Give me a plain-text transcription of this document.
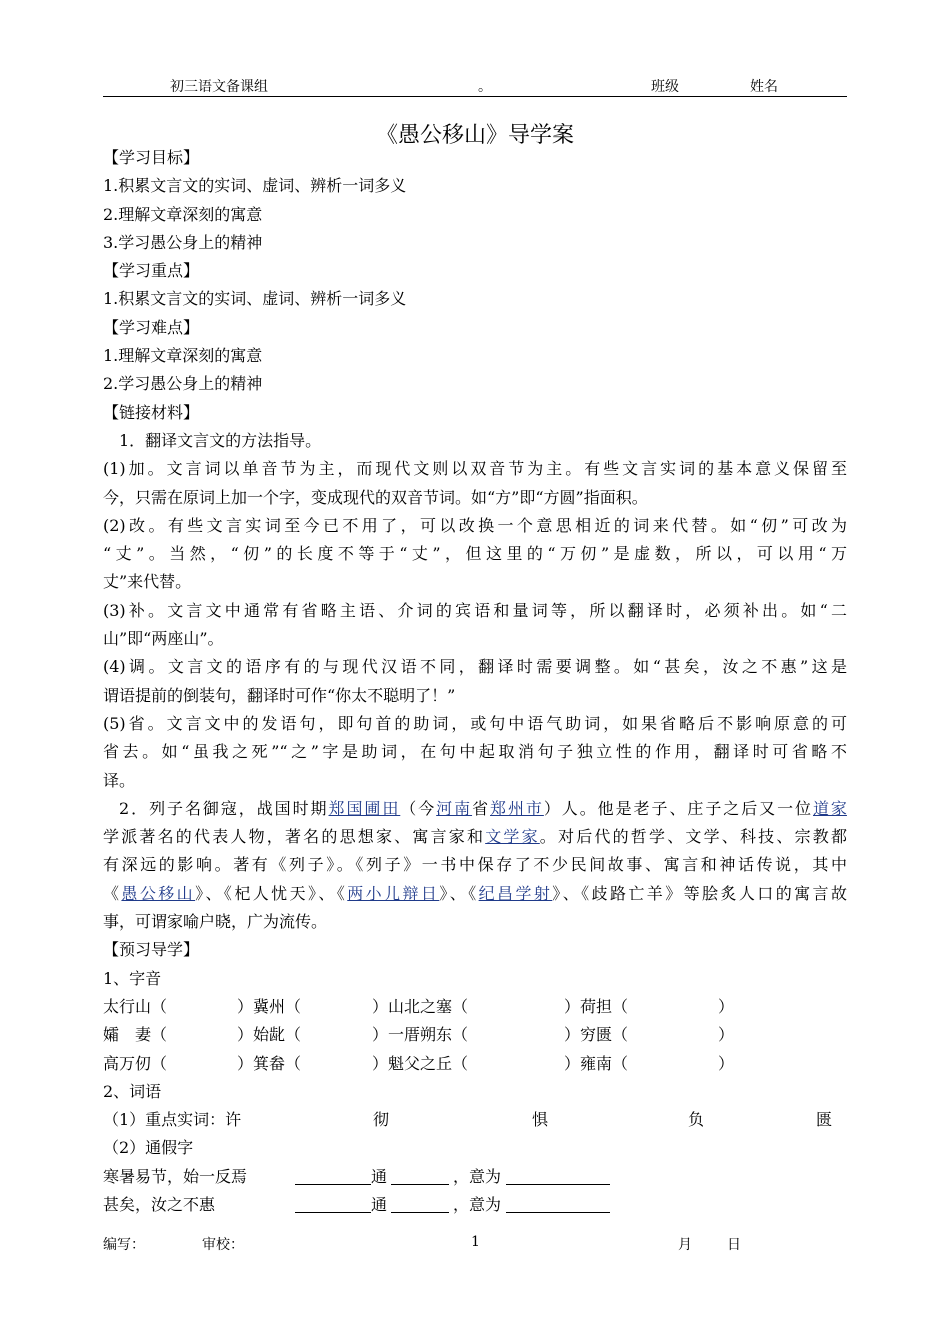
初三语文备课组	。	班级	姓名
《愚公移山》导学案
【学习目标】
1.积累文言文的实词、虚词、辨析一词多义
2.理解文章深刻的寓意
3.学习愚公身上的精神
【学习重点】
1.积累文言文的实词、虚词、辨析一词多义
【学习难点】
1.理解文章深刻的寓意
2.学习愚公身上的精神
【链接材料】
1．翻译文言文的方法指导。
(1)加。文言词以单音节为主，而现代文则以双音节为主。有些文言实词的基本意义保留至
今，只需在原词上加一个字，变成现代的双音节词。如“方”即“方圆”指面积。
(2)改。有些文言实词至今已不用了，可以改换一个意思相近的词来代替。如“仞”可改为
“丈”。当然，“仞”的长度不等于“丈”，但这里的“万仞”是虚数，所以，可以用“万
丈”来代替。
(3)补。文言文中通常有省略主语、介词的宾语和量词等，所以翻译时，必须补出。如“二
山”即“两座山”。
(4)调。文言文的语序有的与现代汉语不同，翻译时需要调整。如“甚矣，汝之不惠”这是
谓语提前的倒装句，翻译时可作“你太不聪明了！”
(5)省。文言文中的发语句，即句首的助词，或句中语气助词，如果省略后不影响原意的可
省去。如“虽我之死”“之”字是助词，在句中起取消句子独立性的作用，翻译时可省略不
译。
2．列子名御寇，战国时期郑国圃田（今河南省郑州市）人。他是老子、庄子之后又一位道家
学派著名的代表人物，著名的思想家、寓言家和文学家。对后代的哲学、文学、科技、宗教都
有深远的影响。著有《列子》。《列子》一书中保存了不少民间故事、寓言和神话传说，其中
《愚公移山》、《杞人忧天》、《两小儿辩日》、《纪昌学射》、《歧路亡羊》等脍炙人口的寓言故
事，可谓家喻户晓，广为流传。
【预习导学】
1、字音
太行山（	）冀州（	）山北之塞（	）荷担（	）
孀　妻（	）始龀（	）一厝朔东（	）穷匮（	）
高万仞（	）箕畚（	）魁父之丘（	）雍南（	）
2、词语
（1）重点实词：许	彻	惧	负	匮
（2）通假字
寒暑易节，始一反焉	通	，意为
甚矣，汝之不惠	通	，意为
编写：	审校：	1	月	日
